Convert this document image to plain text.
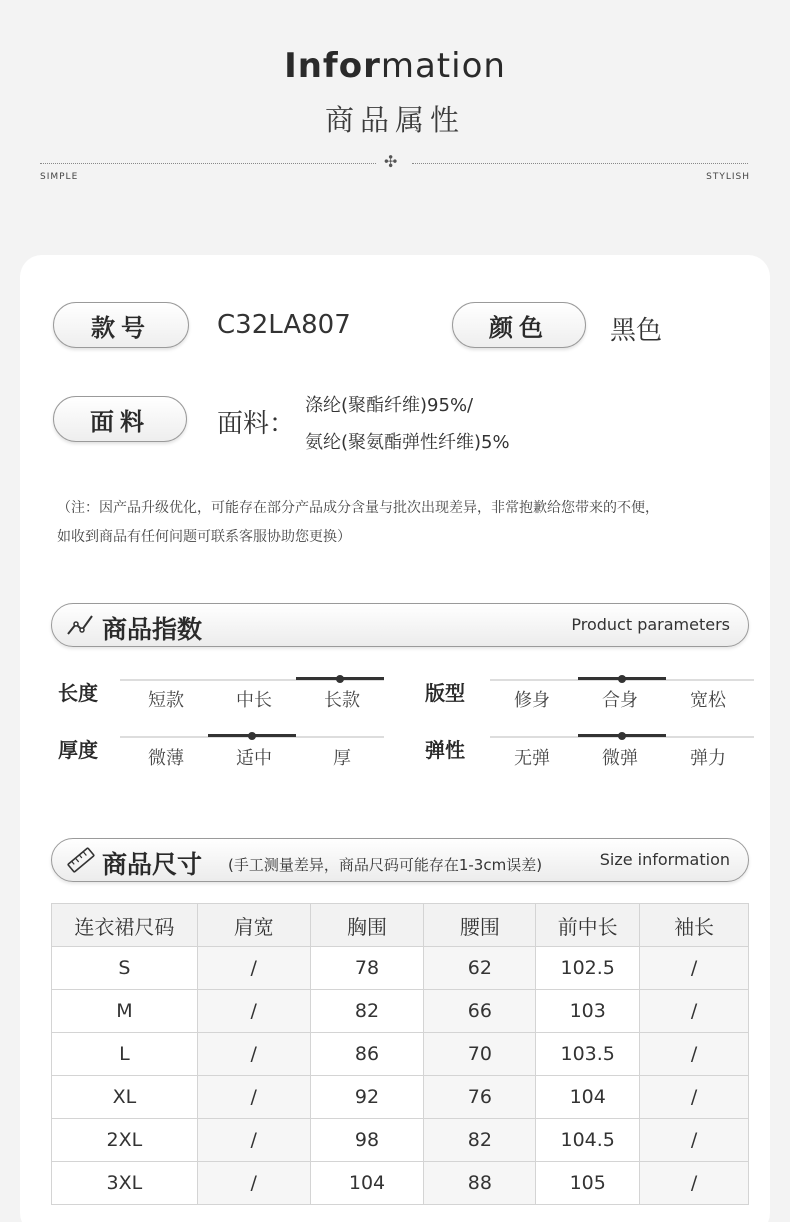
Information
商品属性
✣
SIMPLE	STYLISH
款号	C32LA807	颜色	黑色
面料	面料：
涤纶(聚酯纤维)95%/
氨纶(聚氨酯弹性纤维)5%
（注：因产品升级优化，可能存在部分产品成分含量与批次出现差异，非常抱歉给您带来的不便，
如收到商品有任何问题可联系客服协助您更换）
商品指数	Product parameters
长度	短款	中长	长款	版型	修身	合身	宽松
厚度	微薄	适中	厚	弹性	无弹	微弹	弹力
商品尺寸 (手工测量差异，商品尺码可能存在1-3cm误差)	Size information
连衣裙尺码	肩宽	胸围	腰围	前中长	袖长
S	/	78	62	102.5	/
M	/	82	66	103	/
L	/	86	70	103.5	/
XL	/	92	76	104	/
2XL	/	98	82	104.5	/
3XL	/	104	88	105	/
